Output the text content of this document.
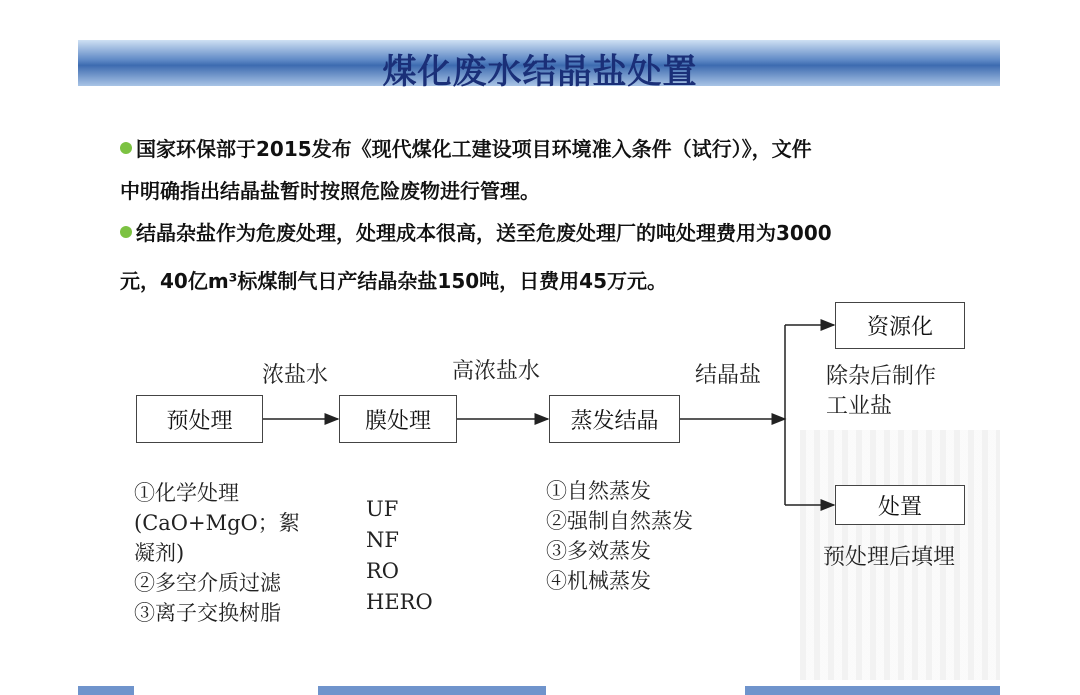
煤化废水结晶盐处置
国家环保部于2015发布《现代煤化工建设项目环境准入条件（试行）》，文件
中明确指出结晶盐暂时按照危险废物进行管理。
结晶杂盐作为危废处理，处理成本很高，送至危废处理厂的吨处理费用为3000
元，40亿m³标煤制气日产结晶杂盐150吨，日费用45万元。
预处理	膜处理	蒸发结晶
资源化
处置
浓盐水	高浓盐水	结晶盐	除杂后制作
工业盐
预处理后填埋
①化学处理
(CaO+MgO；絮
凝剂)
②多空介质过滤
③离子交换树脂
UF
NF
RO
HERO
①自然蒸发
②强制自然蒸发
③多效蒸发
④机械蒸发
